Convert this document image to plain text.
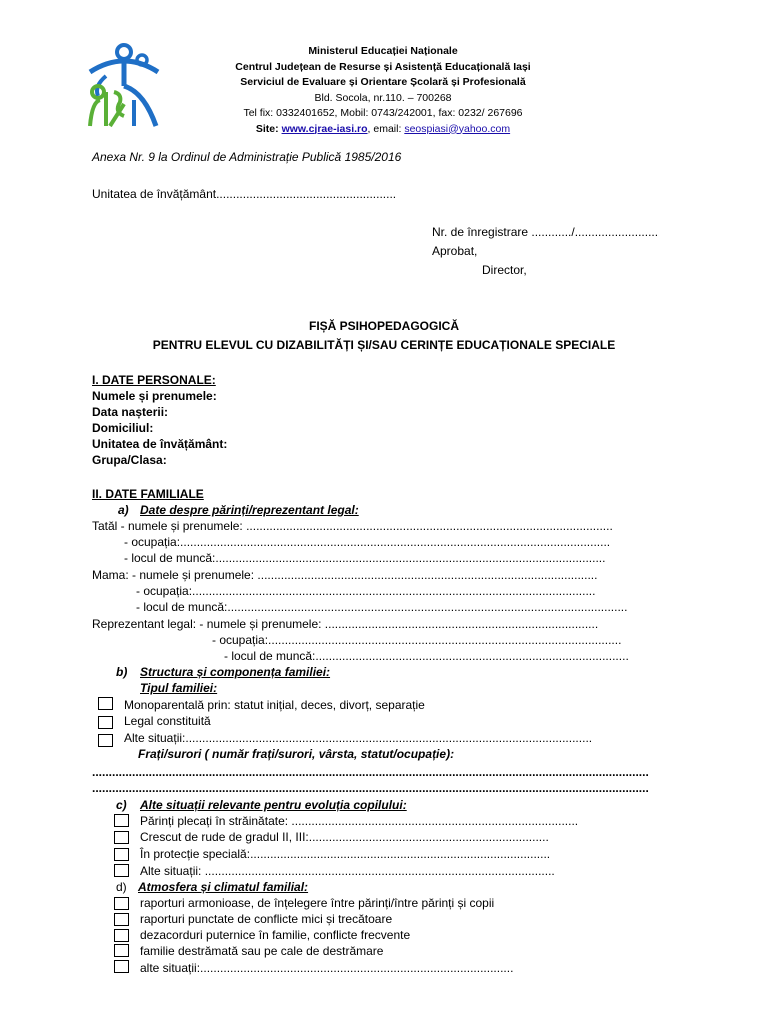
Ministerul Educației Naționale
Centrul Județean de Resurse și Asistență Educațională Iași
Serviciul de Evaluare și Orientare Școlară și Profesională
Bld. Socola, nr.110. – 700268
Tel fix: 0332401652, Mobil: 0743/242001, fax: 0232/ 267696
Site: www.cjrae-iasi.ro, email: seospiasi@yahoo.com
Anexa Nr. 9 la Ordinul de Administrație Publică 1985/2016
Unitatea de învățământ......................................................
Nr. de înregistrare ............/.........................
Aprobat,
Director,
FIȘĂ PSIHOPEDAGOGICĂ
PENTRU ELEVUL CU DIZABILITĂȚI ȘI/SAU CERINȚE EDUCAȚIONALE SPECIALE
I. DATE PERSONALE:
Numele și prenumele:
Data nașterii:
Domiciliul:
Unitatea de învățământ:
Grupa/Clasa:
II. DATE FAMILIALE
a) Date despre părinți/reprezentant legal:
Tatăl - numele și prenumele: ..............................................................................................................
- ocupația:.................................................................................................................................
- locul de muncă:.....................................................................................................................
Mama: - numele și prenumele: ......................................................................................................
- ocupația:.........................................................................................................................
- locul de muncă:........................................................................................................................
Reprezentant legal: - numele și prenumele: ..................................................................................
- ocupația:..........................................................................................................
- locul de muncă:..............................................................................................
b) Structura și componența familiei:
Tipul familiei:
Monoparentală prin: statut inițial, deces, divorț, separație
Legal constituită
Alte situații:..........................................................................................................................
Frați/surori ( număr frați/surori, vârsta, statut/ocupație):
.......................................................................................................................................................................
.......................................................................................................................................................................
c) Alte situații relevante pentru evoluția copilului:
Părinți plecați în străinătate: ......................................................................................
Crescut de rude de gradul II, III:........................................................................
În protecție specială:..........................................................................................
Alte situații: .........................................................................................................
d) Atmosfera și climatul familial:
raporturi armonioase, de înțelegere între părinți/între părinți și copii
raporturi punctate de conflicte mici și trecătoare
dezacorduri puternice în familie, conflicte frecvente
familie destrămată sau pe cale de destrămare
alte situații:..............................................................................................
